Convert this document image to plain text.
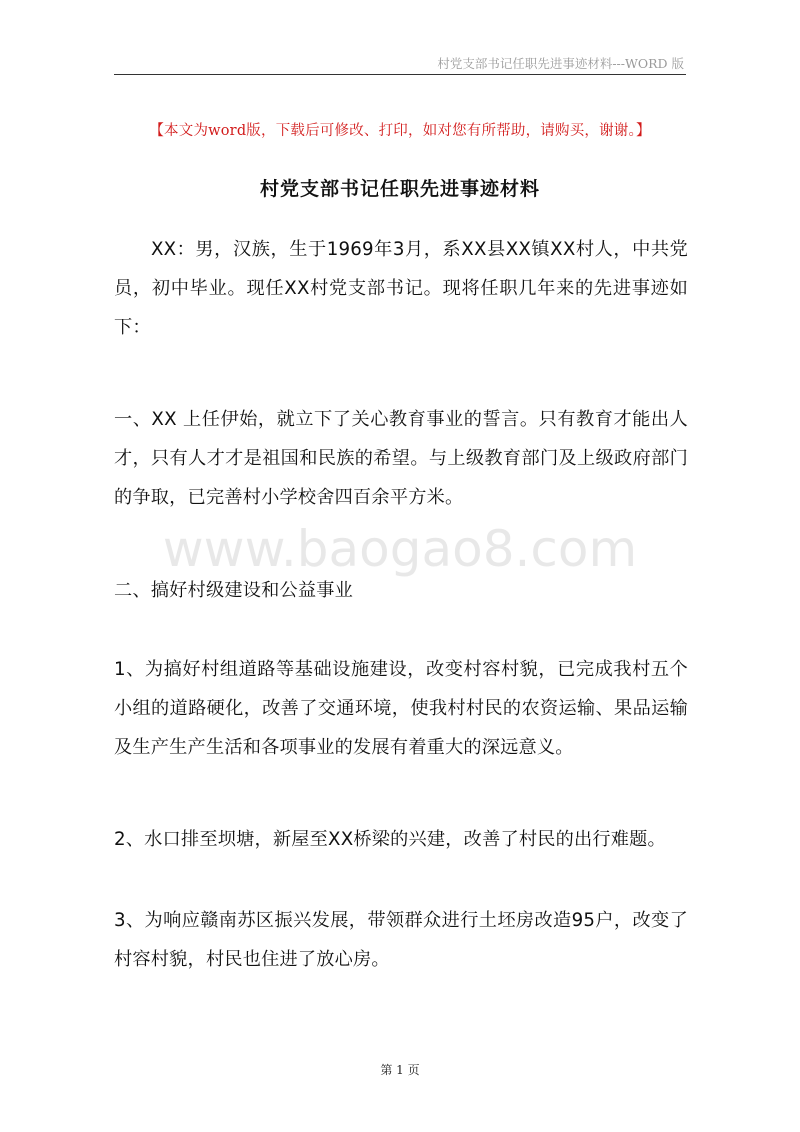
村党支部书记任职先进事迹材料---WORD 版
【本文为word版，下载后可修改、打印，如对您有所帮助，请购买，谢谢。】
村党支部书记任职先进事迹材料

XX：男，汉族，生于1969年3月，系XX县XX镇XX村人，中共党员，初中毕业。现任XX村党支部书记。现将任职几年来的先进事迹如下：

一、XX 上任伊始，就立下了关心教育事业的誓言。只有教育才能出人才，只有人才才是祖国和民族的希望。与上级教育部门及上级政府部门的争取，已完善村小学校舍四百余平方米。

www.baogao8.com

二、搞好村级建设和公益事业

1、为搞好村组道路等基础设施建设，改变村容村貌，已完成我村五个小组的道路硬化，改善了交通环境，使我村村民的农资运输、果品运输及生产生产生活和各项事业的发展有着重大的深远意义。

2、水口排至坝塘，新屋至XX桥梁的兴建，改善了村民的出行难题。

3、为响应赣南苏区振兴发展，带领群众进行土坯房改造95户，改变了村容村貌，村民也住进了放心房。

第 1 页
